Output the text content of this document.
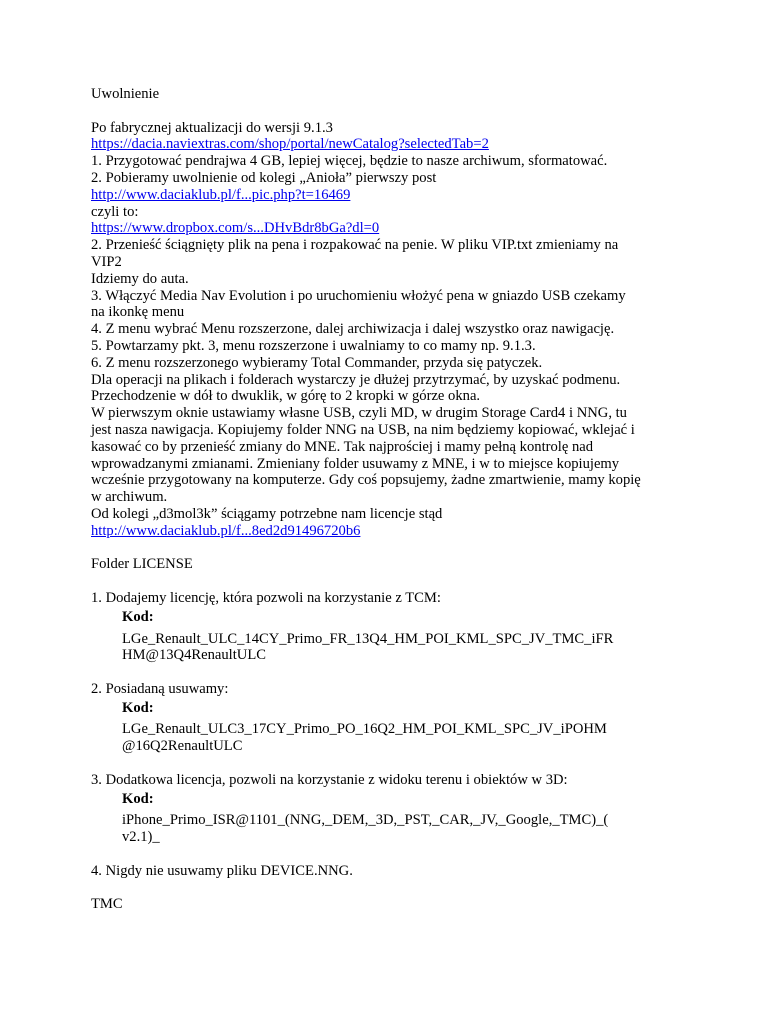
Uwolnienie
Po fabrycznej aktualizacji do wersji 9.1.3
https://dacia.naviextras.com/shop/portal/newCatalog?selectedTab=2
1. Przygotować pendrajwa 4 GB, lepiej więcej, będzie to nasze archiwum, sformatować.
2. Pobieramy uwolnienie od kolegi „Anioła” pierwszy post
http://www.daciaklub.pl/f...pic.php?t=16469
czyli to:
https://www.dropbox.com/s...DHvBdr8bGa?dl=0
2. Przenieść ściągnięty plik na pena i rozpakować na penie. W pliku VIP.txt zmieniamy na
VIP2
Idziemy do auta.
3. Włączyć Media Nav Evolution i po uruchomieniu włożyć pena w gniazdo USB czekamy
na ikonkę menu
4. Z menu wybrać Menu rozszerzone, dalej archiwizacja i dalej wszystko oraz nawigację.
5. Powtarzamy pkt. 3, menu rozszerzone i uwalniamy to co mamy np. 9.1.3.
6. Z menu rozszerzonego wybieramy Total Commander, przyda się patyczek.
Dla operacji na plikach i folderach wystarczy je dłużej przytrzymać, by uzyskać podmenu.
Przechodzenie w dół to dwuklik, w górę to 2 kropki w górze okna.
W pierwszym oknie ustawiamy własne USB, czyli MD, w drugim Storage Card4 i NNG, tu
jest nasza nawigacja. Kopiujemy folder NNG na USB, na nim będziemy kopiować, wklejać i
kasować co by przenieść zmiany do MNE. Tak najprościej i mamy pełną kontrolę nad
wprowadzanymi zmianami. Zmieniany folder usuwamy z MNE, i w to miejsce kopiujemy
wcześnie przygotowany na komputerze. Gdy coś popsujemy, żadne zmartwienie, mamy kopię
w archiwum.
Od kolegi „d3mol3k” ściągamy potrzebne nam licencje stąd
http://www.daciaklub.pl/f...8ed2d91496720b6
Folder LICENSE
1. Dodajemy licencję, która pozwoli na korzystanie z TCM:
Kod:
LGe_Renault_ULC_14CY_Primo_FR_13Q4_HM_POI_KML_SPC_JV_TMC_iFR
HM@13Q4RenaultULC
2. Posiadaną usuwamy:
Kod:
LGe_Renault_ULC3_17CY_Primo_PO_16Q2_HM_POI_KML_SPC_JV_iPOHM
@16Q2RenaultULC
3. Dodatkowa licencja, pozwoli na korzystanie z widoku terenu i obiektów w 3D:
Kod:
iPhone_Primo_ISR@1101_(NNG,_DEM,_3D,_PST,_CAR,_JV,_Google,_TMC)_(
v2.1)_
4. Nigdy nie usuwamy pliku DEVICE.NNG.
TMC
